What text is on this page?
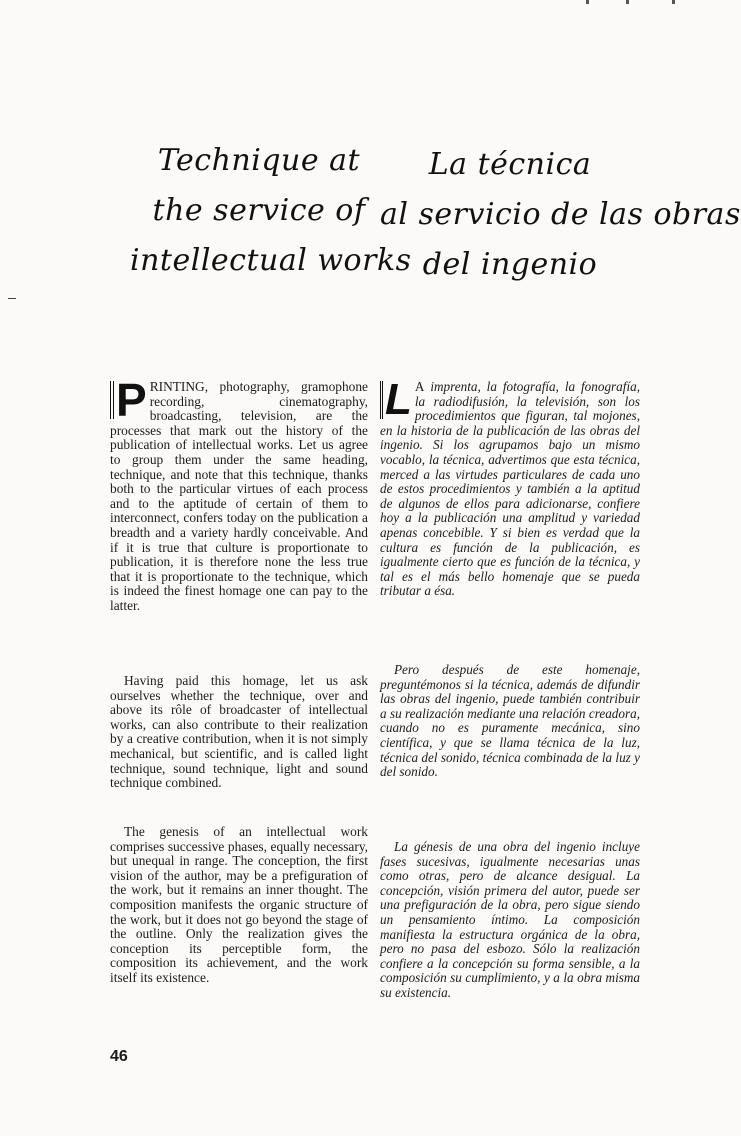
Technique at
the service of
intellectual works

P RINTING, photography, gramophone recording, cinematography, broadcasting, television, are the processes that mark out the history of the publication of intellectual works. Let us agree to group them under the same heading, technique, and note that this technique, thanks both to the particular virtues of each process and to the aptitude of certain of them to interconnect, confers today on the publication a breadth and a variety hardly conceivable. And if it is true that culture is proportionate to publication, it is therefore none the less true that it is proportionate to the technique, which is indeed the finest homage one can pay to the latter.

Having paid this homage, let us ask ourselves whether the technique, over and above its rôle of broadcaster of intellectual works, can also contribute to their realization by a creative contribution, when it is not simply mechanical, but scientific, and is called light technique, sound technique, light and sound technique combined.

The genesis of an intellectual work comprises successive phases, equally necessary, but unequal in range. The conception, the first vision of the author, may be a prefiguration of the work, but it remains an inner thought. The composition manifests the organic structure of the work, but it does not go beyond the stage of the outline. Only the realization gives the conception its perceptible form, the composition its achievement, and the work itself its existence.

La técnica
al servicio de las obras
del ingenio

L A imprenta, la fotografía, la fonografía, la radiodifusión, la televisión, son los procedimientos que figuran, tal mojones, en la historia de la publicación de las obras del ingenio. Si los agrupamos bajo un mismo vocablo, la técnica, advertimos que esta técnica, merced a las virtudes particulares de cada uno de estos procedimientos y también a la aptitud de algunos de ellos para adicionarse, confiere hoy a la publicación una amplitud y variedad apenas concebible. Y si bien es verdad que la cultura es función de la publicación, es igualmente cierto que es función de la técnica, y tal es el más bello homenaje que se pueda tributar a ésa.

Pero después de este homenaje, preguntémonos si la técnica, además de difundir las obras del ingenio, puede también contribuir a su realización mediante una relación creadora, cuando no es puramente mecánica, sino científica, y que se llama técnica de la luz, técnica del sonido, técnica combinada de la luz y del sonido.

La génesis de una obra del ingenio incluye fases sucesivas, igualmente necesarias unas como otras, pero de alcance desigual. La concepción, visión primera del autor, puede ser una prefiguración de la obra, pero sigue siendo un pensamiento íntimo. La composición manifiesta la estructura orgánica de la obra, pero no pasa del esbozo. Sólo la realización confiere a la concepción su forma sensible, a la composición su cumplimiento, y a la obra misma su existencia.

46
